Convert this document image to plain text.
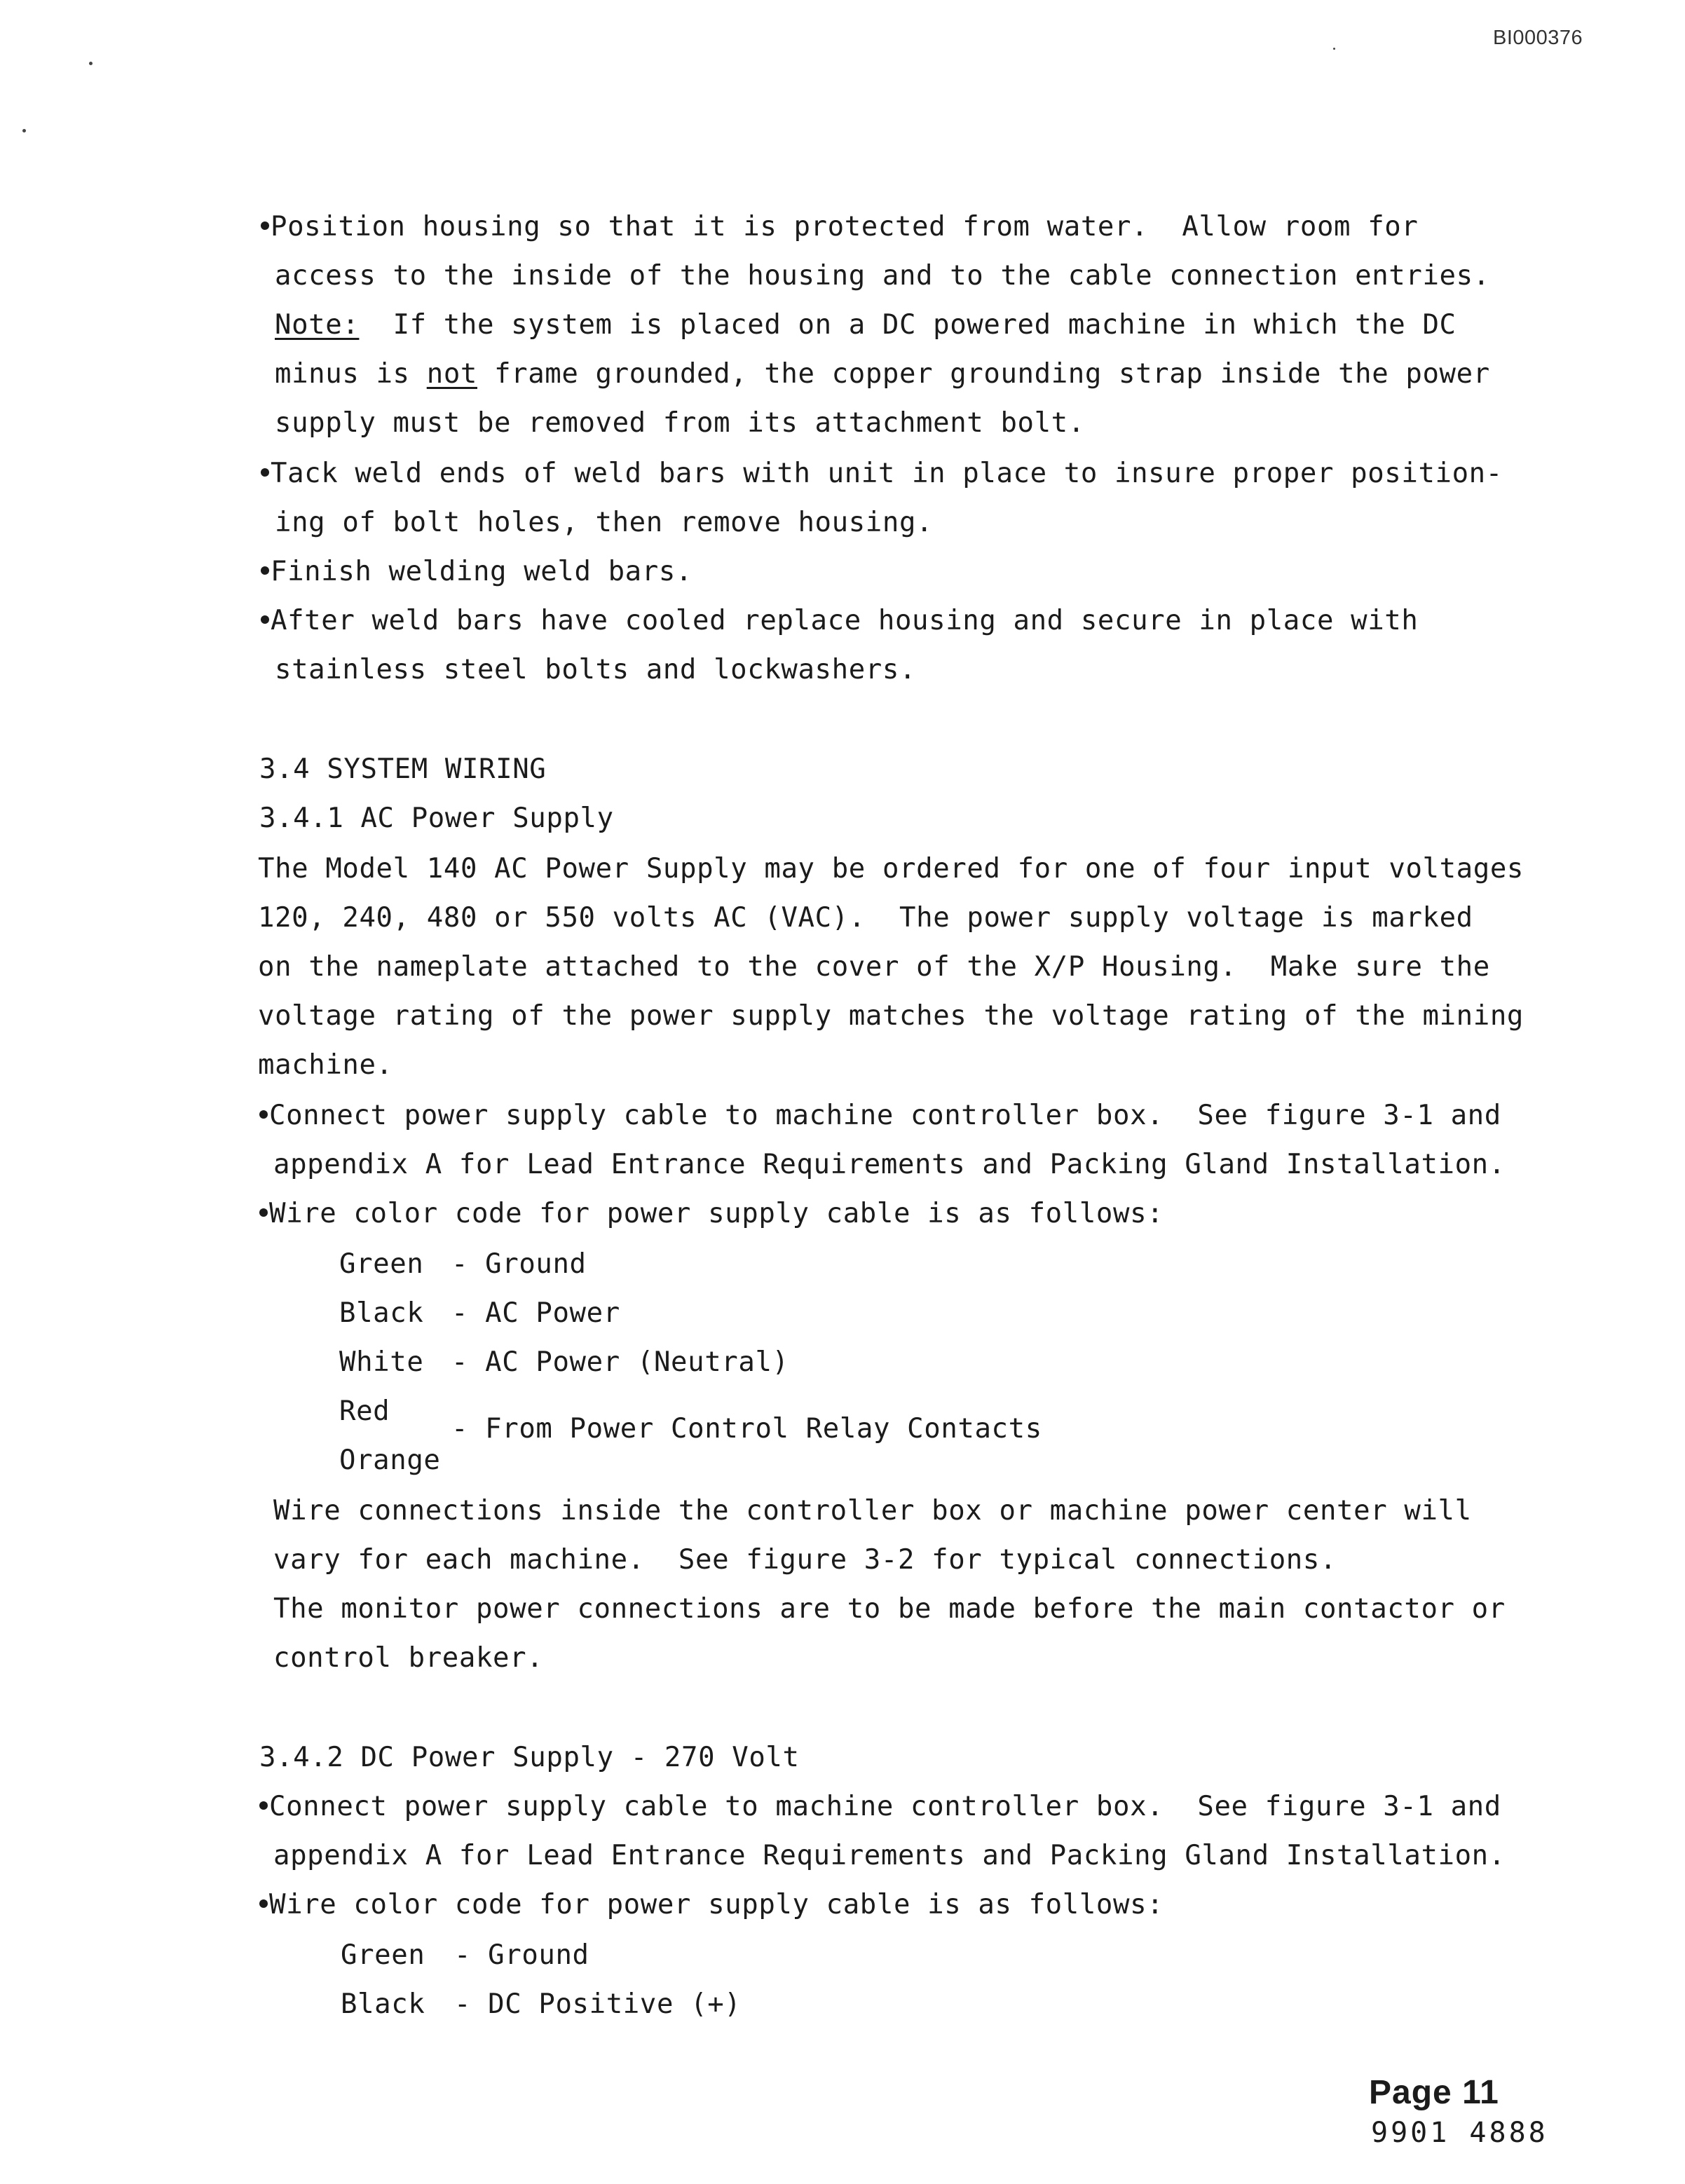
BI000376
Position housing so that it is protected from water.  Allow room for
access to the inside of the housing and to the cable connection entries.
Note:  If the system is placed on a DC powered machine in which the DC
minus is not frame grounded, the copper grounding strap inside the power
supply must be removed from its attachment bolt.
Tack weld ends of weld bars with unit in place to insure proper position-
ing of bolt holes, then remove housing.
Finish welding weld bars.
After weld bars have cooled replace housing and secure in place with
stainless steel bolts and lockwashers.
3.4 SYSTEM WIRING
3.4.1 AC Power Supply
The Model 140 AC Power Supply may be ordered for one of four input voltages
120, 240, 480 or 550 volts AC (VAC).  The power supply voltage is marked
on the nameplate attached to the cover of the X/P Housing.  Make sure the
voltage rating of the power supply matches the voltage rating of the mining
machine.
Connect power supply cable to machine controller box.  See figure 3-1 and
appendix A for Lead Entrance Requirements and Packing Gland Installation.
Wire color code for power supply cable is as follows:
Green - Ground
Black - AC Power
White - AC Power (Neutral)
Red
- From Power Control Relay Contacts
Orange
Wire connections inside the controller box or machine power center will
vary for each machine.  See figure 3-2 for typical connections.
The monitor power connections are to be made before the main contactor or
control breaker.
3.4.2 DC Power Supply - 270 Volt
Connect power supply cable to machine controller box.  See figure 3-1 and
appendix A for Lead Entrance Requirements and Packing Gland Installation.
Wire color code for power supply cable is as follows:
Green - Ground
Black - DC Positive (+)
Page 11
9901 4888
